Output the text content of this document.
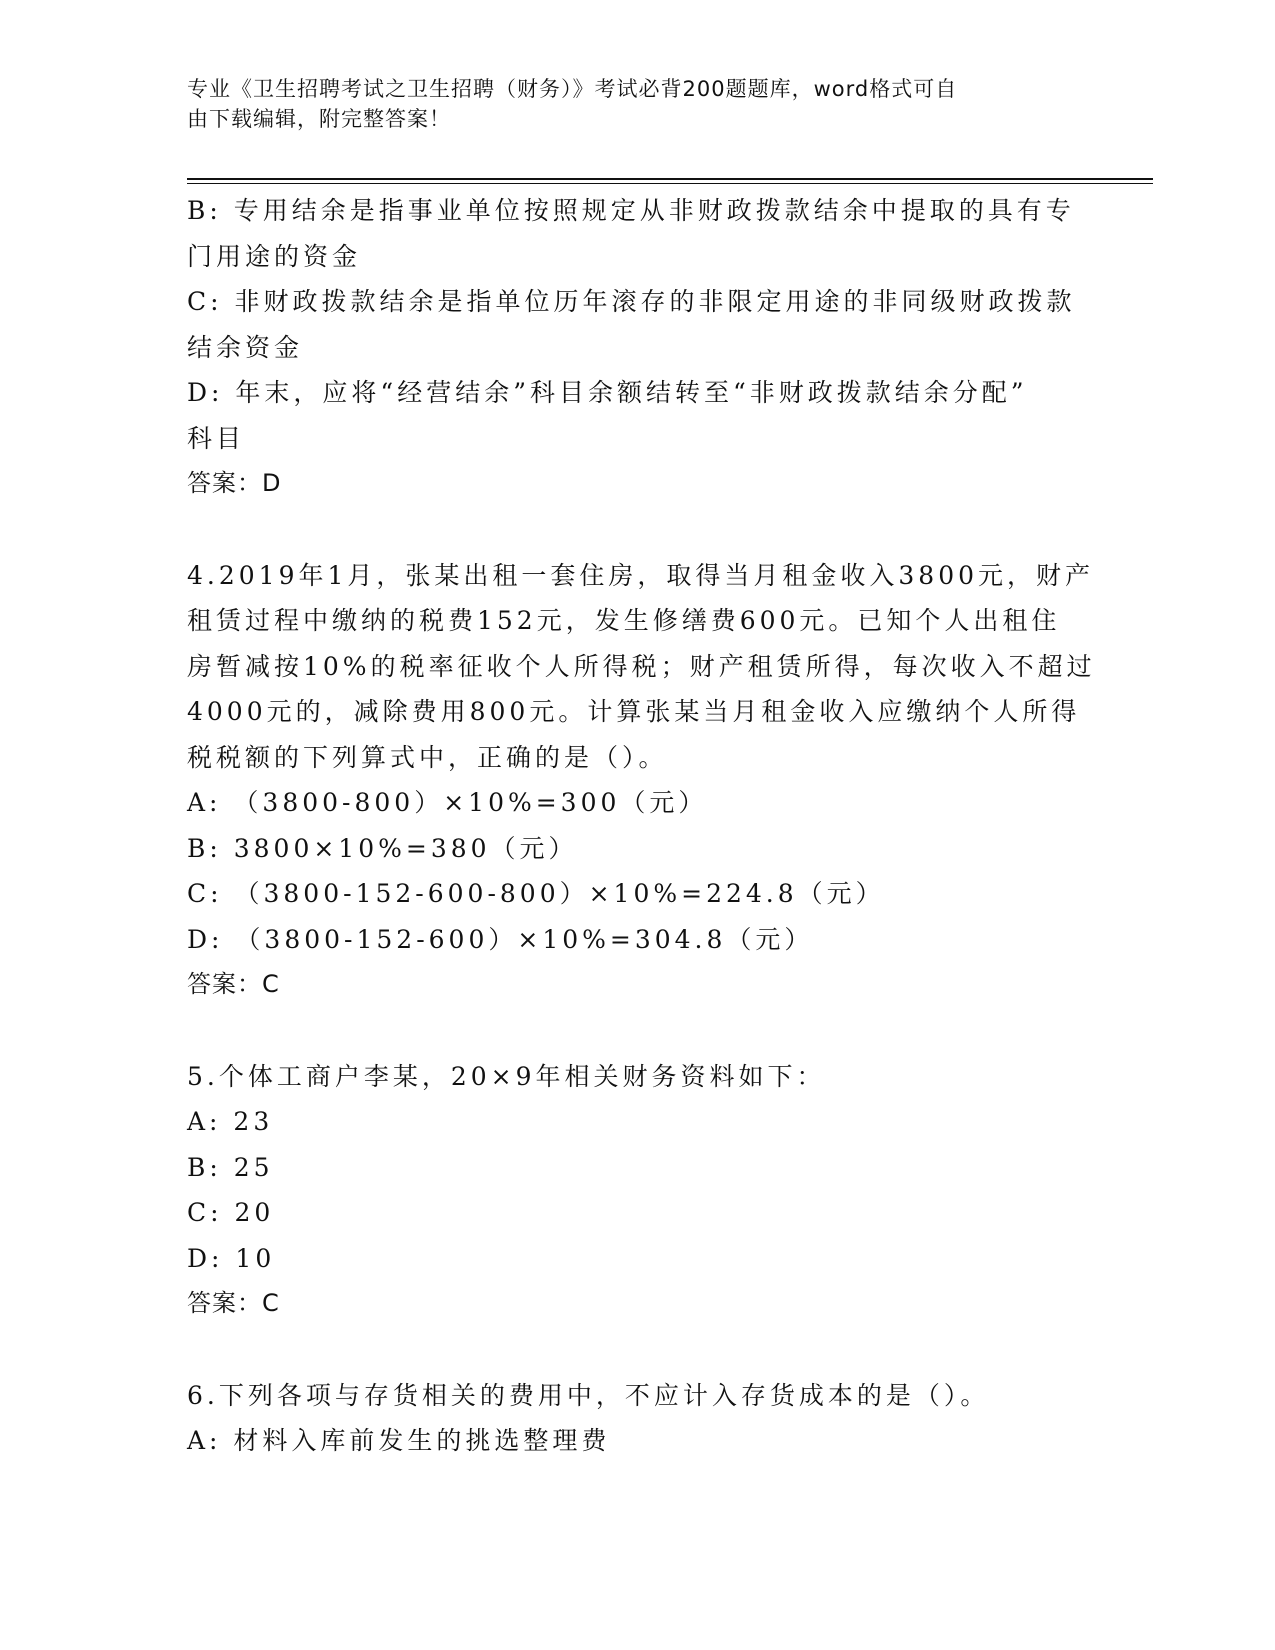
专业《卫生招聘考试之卫生招聘（财务）》考试必背200题题库，word格式可自
由下载编辑，附完整答案！
B: 专用结余是指事业单位按照规定从非财政拨款结余中提取的具有专
门用途的资金
C: 非财政拨款结余是指单位历年滚存的非限定用途的非同级财政拨款
结余资金
D: 年末，应将“经营结余”科目余额结转至“非财政拨款结余分配”
科目
答案：D
4.2019年1月，张某出租一套住房，取得当月租金收入3800元，财产
租赁过程中缴纳的税费152元，发生修缮费600元。已知个人出租住
房暂减按10%的税率征收个人所得税；财产租赁所得，每次收入不超过
4000元的，减除费用800元。计算张某当月租金收入应缴纳个人所得
税税额的下列算式中，正确的是（）。
A: （3800-800）×10%=300（元）
B: 3800×10%=380（元）
C: （3800-152-600-800）×10%=224.8（元）
D: （3800-152-600）×10%=304.8（元）
答案：C
5.个体工商户李某，20×9年相关财务资料如下：
A: 23
B: 25
C: 20
D: 10
答案：C
6.下列各项与存货相关的费用中，不应计入存货成本的是（）。
A: 材料入库前发生的挑选整理费
